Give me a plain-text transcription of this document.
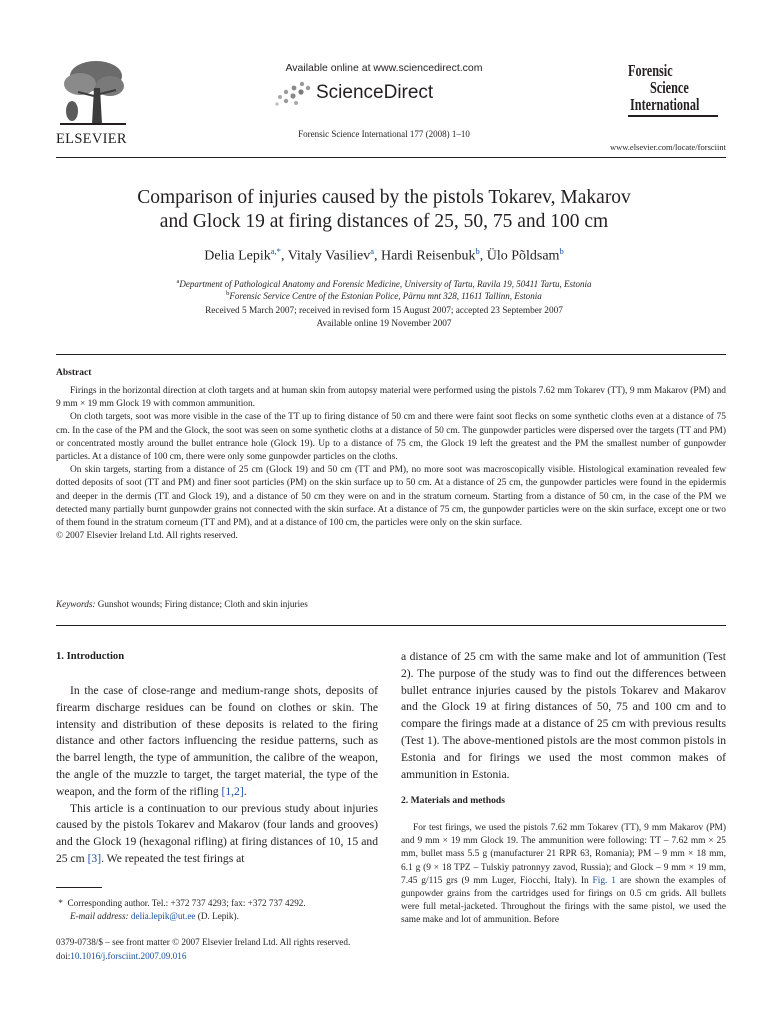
ELSEVIER
Available online at www.sciencedirect.com
ScienceDirect
Forensic Science International 177 (2008) 1–10
Forensic
Science
International
www.elsevier.com/locate/forsciint
Comparison of injuries caused by the pistols Tokarev, Makarov
and Glock 19 at firing distances of 25, 50, 75 and 100 cm
Delia Lepik$^{a,*}$, Vitaly Vasiliev$^a$, Hardi Reisenbuk$^b$, Ülo Põldsam$^b$
$^a$Department of Pathological Anatomy and Forensic Medicine, University of Tartu, Ravila 19, 50411 Tartu, Estonia
$^b$Forensic Service Centre of the Estonian Police, Pärnu mnt 328, 11611 Tallinn, Estonia
Received 5 March 2007; received in revised form 15 August 2007; accepted 23 September 2007
Available online 19 November 2007
Abstract

Firings in the horizontal direction at cloth targets and at human skin from autopsy material were performed using the pistols 7.62 mm Tokarev (TT), 9 mm Makarov (PM) and 9 mm × 19 mm Glock 19 with common ammunition.

On cloth targets, soot was more visible in the case of the TT up to firing distance of 50 cm and there were faint soot flecks on some synthetic cloths even at a distance of 75 cm. In the case of the PM and the Glock, the soot was seen on some synthetic cloths at a distance of 50 cm. The gunpowder particles were dispersed over the targets (TT and PM) or concentrated mostly around the bullet entrance hole (Glock 19). Up to a distance of 75 cm, the Glock 19 left the greatest and the PM the smallest number of gunpowder particles. At a distance of 100 cm, there were only some gunpowder particles on the cloths.

On skin targets, starting from a distance of 25 cm (Glock 19) and 50 cm (TT and PM), no more soot was macroscopically visible. Histological examination revealed few dotted deposits of soot (TT and PM) and finer soot particles (PM) on the skin surface up to 50 cm. At a distance of 25 cm, the gunpowder particles were found in the epidermis and deeper in the dermis (TT and Glock 19), and a distance of 50 cm they were on and in the stratum corneum. Starting from a distance of 50 cm, in the case of the PM we detected many partially burnt gunpowder grains not connected with the skin surface. At a distance of 75 cm, the gunpowder particles were on the skin surface, except one or two of them found in the stratum corneum (TT and PM), and at a distance of 100 cm, the particles were only on the skin surface.

© 2007 Elsevier Ireland Ltd. All rights reserved.

Keywords: Gunshot wounds; Firing distance; Cloth and skin injuries
1. Introduction

In the case of close-range and medium-range shots, deposits of firearm discharge residues can be found on clothes or skin. The intensity and distribution of these deposits is related to the firing distance and other factors influencing the residue patterns, such as the barrel length, the type of ammunition, the calibre of the weapon, the angle of the muzzle to target, the target material, the type of the weapon, and the form of the rifling [1,2].

This article is a continuation to our previous study about injuries caused by the pistols Tokarev and Makarov (four lands and grooves) and the Glock 19 (hexagonal rifling) at firing distances of 10, 15 and 25 cm [3]. We repeated the test firings at

* Corresponding author. Tel.: +372 737 4293; fax: +372 737 4292.
E-mail address: delia.lepik@ut.ee (D. Lepik).
0379-0738/$ – see front matter © 2007 Elsevier Ireland Ltd. All rights reserved.
doi:10.1016/j.forsciint.2007.09.016

a distance of 25 cm with the same make and lot of ammunition (Test 2). The purpose of the study was to find out the differences between bullet entrance injuries caused by the pistols Tokarev and Makarov and the Glock 19 at firing distances of 50, 75 and 100 cm and to compare the firings made at a distance of 25 cm with previous results (Test 1). The above-mentioned pistols are the most common pistols in Estonia and for firings we used the most common makes of ammunition in Estonia.

2. Materials and methods

For test firings, we used the pistols 7.62 mm Tokarev (TT), 9 mm Makarov (PM) and 9 mm × 19 mm Glock 19. The ammunition were following: TT – 7.62 mm × 25 mm, bullet mass 5.5 g (manufacturer 21 RPR 63, Romania); PM – 9 mm × 18 mm, 6.1 g (9 × 18 TPZ – Tulskiy patronnyy zavod, Russia); and Glock – 9 mm × 19 mm, 7.45 g/115 grs (9 mm Luger, Fiocchi, Italy). In Fig. 1 are shown the examples of gunpowder grains from the cartridges used for firings on 0.5 cm grids. All bullets were full metal-jacketed. Throughout the firings with the same pistol, we used the same make and lot of ammunition. Before
